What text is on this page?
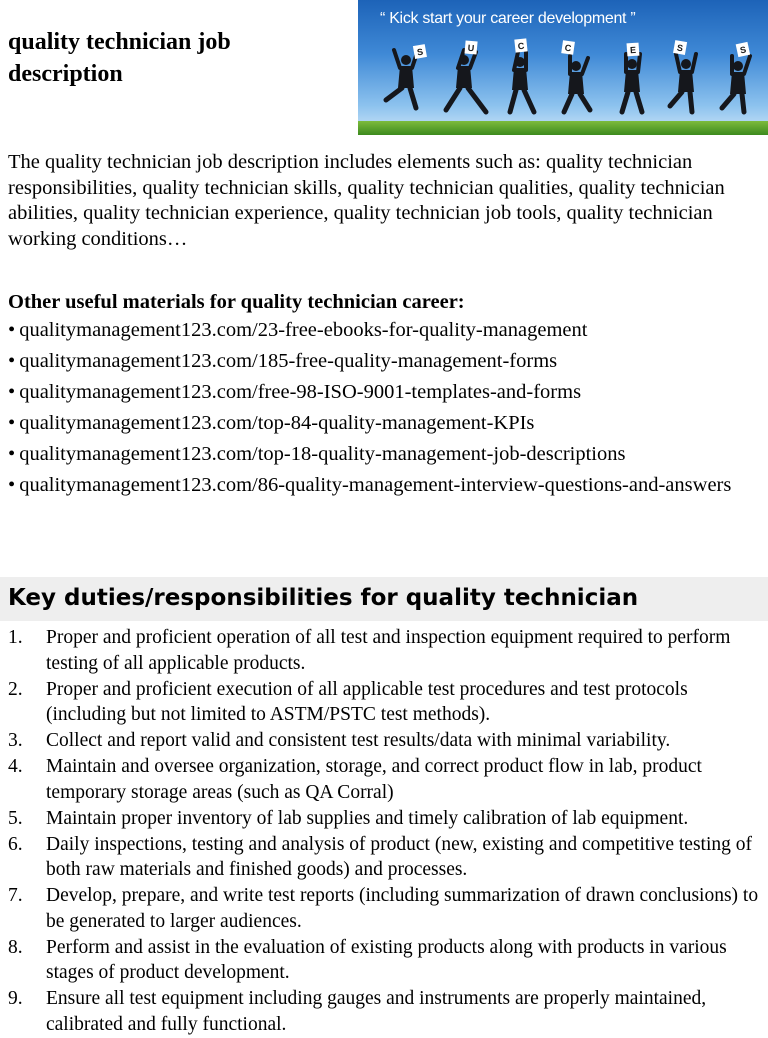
quality technician job description
“ Kick start your career development ”
S	U	C	C	E	S	S

The quality technician job description includes elements such as: quality technician responsibilities, quality technician skills, quality technician qualities, quality technician abilities, quality technician experience, quality technician job tools, quality technician working conditions…

Other useful materials for quality technician career:

• qualitymanagement123.com/23-free-ebooks-for-quality-management
• qualitymanagement123.com/185-free-quality-management-forms
• qualitymanagement123.com/free-98-ISO-9001-templates-and-forms
• qualitymanagement123.com/top-84-quality-management-KPIs
• qualitymanagement123.com/top-18-quality-management-job-descriptions
• qualitymanagement123.com/86-quality-management-interview-questions-and-answers
Key duties/responsibilities for quality technician
1.	Proper and proficient operation of all test and inspection equipment required to perform testing of all applicable products.
2.	Proper and proficient execution of all applicable test procedures and test protocols (including but not limited to ASTM/PSTC test methods).
3.	Collect and report valid and consistent test results/data with minimal variability.
4.	Maintain and oversee organization, storage, and correct product flow in lab, product temporary storage areas (such as QA Corral)
5.	Maintain proper inventory of lab supplies and timely calibration of lab equipment.
6.	Daily inspections, testing and analysis of product (new, existing and competitive testing of both raw materials and finished goods) and processes.
7.	Develop, prepare, and write test reports (including summarization of drawn conclusions) to be generated to larger audiences.
8.	Perform and assist in the evaluation of existing products along with products in various stages of product development.
9.	Ensure all test equipment including gauges and instruments are properly maintained, calibrated and fully functional.
